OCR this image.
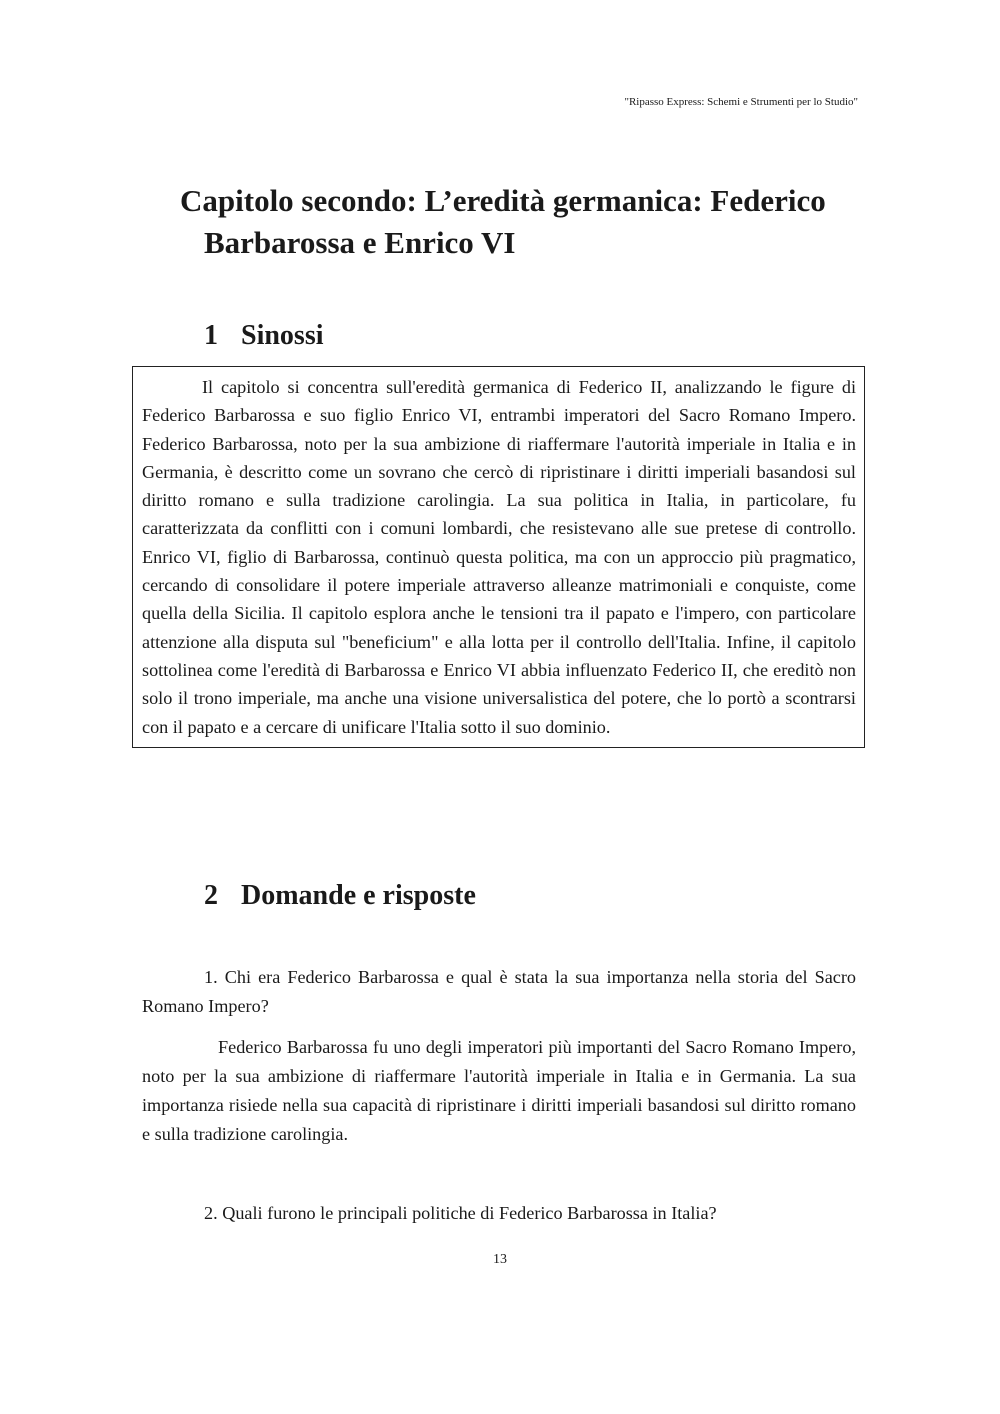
"Ripasso Express: Schemi e Strumenti per lo Studio"
Capitolo secondo: L’eredità germanica: Federico Barbarossa e Enrico VI
1 Sinossi

Il capitolo si concentra sull'eredità germanica di Federico II, analizzando le figure di Federico Barbarossa e suo figlio Enrico VI, entrambi imperatori del Sacro Romano Impero. Federico Barbarossa, noto per la sua ambizione di riaffermare l'autorità imperiale in Italia e in Germania, è descritto come un sovrano che cercò di ripristinare i diritti imperiali basandosi sul diritto romano e sulla tradizione carolingia. La sua politica in Italia, in particolare, fu caratterizzata da conflitti con i comuni lombardi, che resistevano alle sue pretese di controllo. Enrico VI, figlio di Barbarossa, continuò questa politica, ma con un approccio più pragmatico, cercando di consolidare il potere imperiale attraverso alleanze matrimoniali e conquiste, come quella della Sicilia. Il capitolo esplora anche le tensioni tra il papato e l'impero, con particolare attenzione alla disputa sul "beneficium" e alla lotta per il controllo dell'Italia. Infine, il capitolo sottolinea come l'eredità di Barbarossa e Enrico VI abbia influenzato Federico II, che ereditò non solo il trono imperiale, ma anche una visione universalistica del potere, che lo portò a scontrarsi con il papato e a cercare di unificare l'Italia sotto il suo dominio.

2 Domande e risposte

1. Chi era Federico Barbarossa e qual è stata la sua importanza nella storia del Sacro Romano Impero?

Federico Barbarossa fu uno degli imperatori più importanti del Sacro Romano Impero, noto per la sua ambizione di riaffermare l'autorità imperiale in Italia e in Germania. La sua importanza risiede nella sua capacità di ripristinare i diritti imperiali basandosi sul diritto romano e sulla tradizione carolingia.

2. Quali furono le principali politiche di Federico Barbarossa in Italia?

13
